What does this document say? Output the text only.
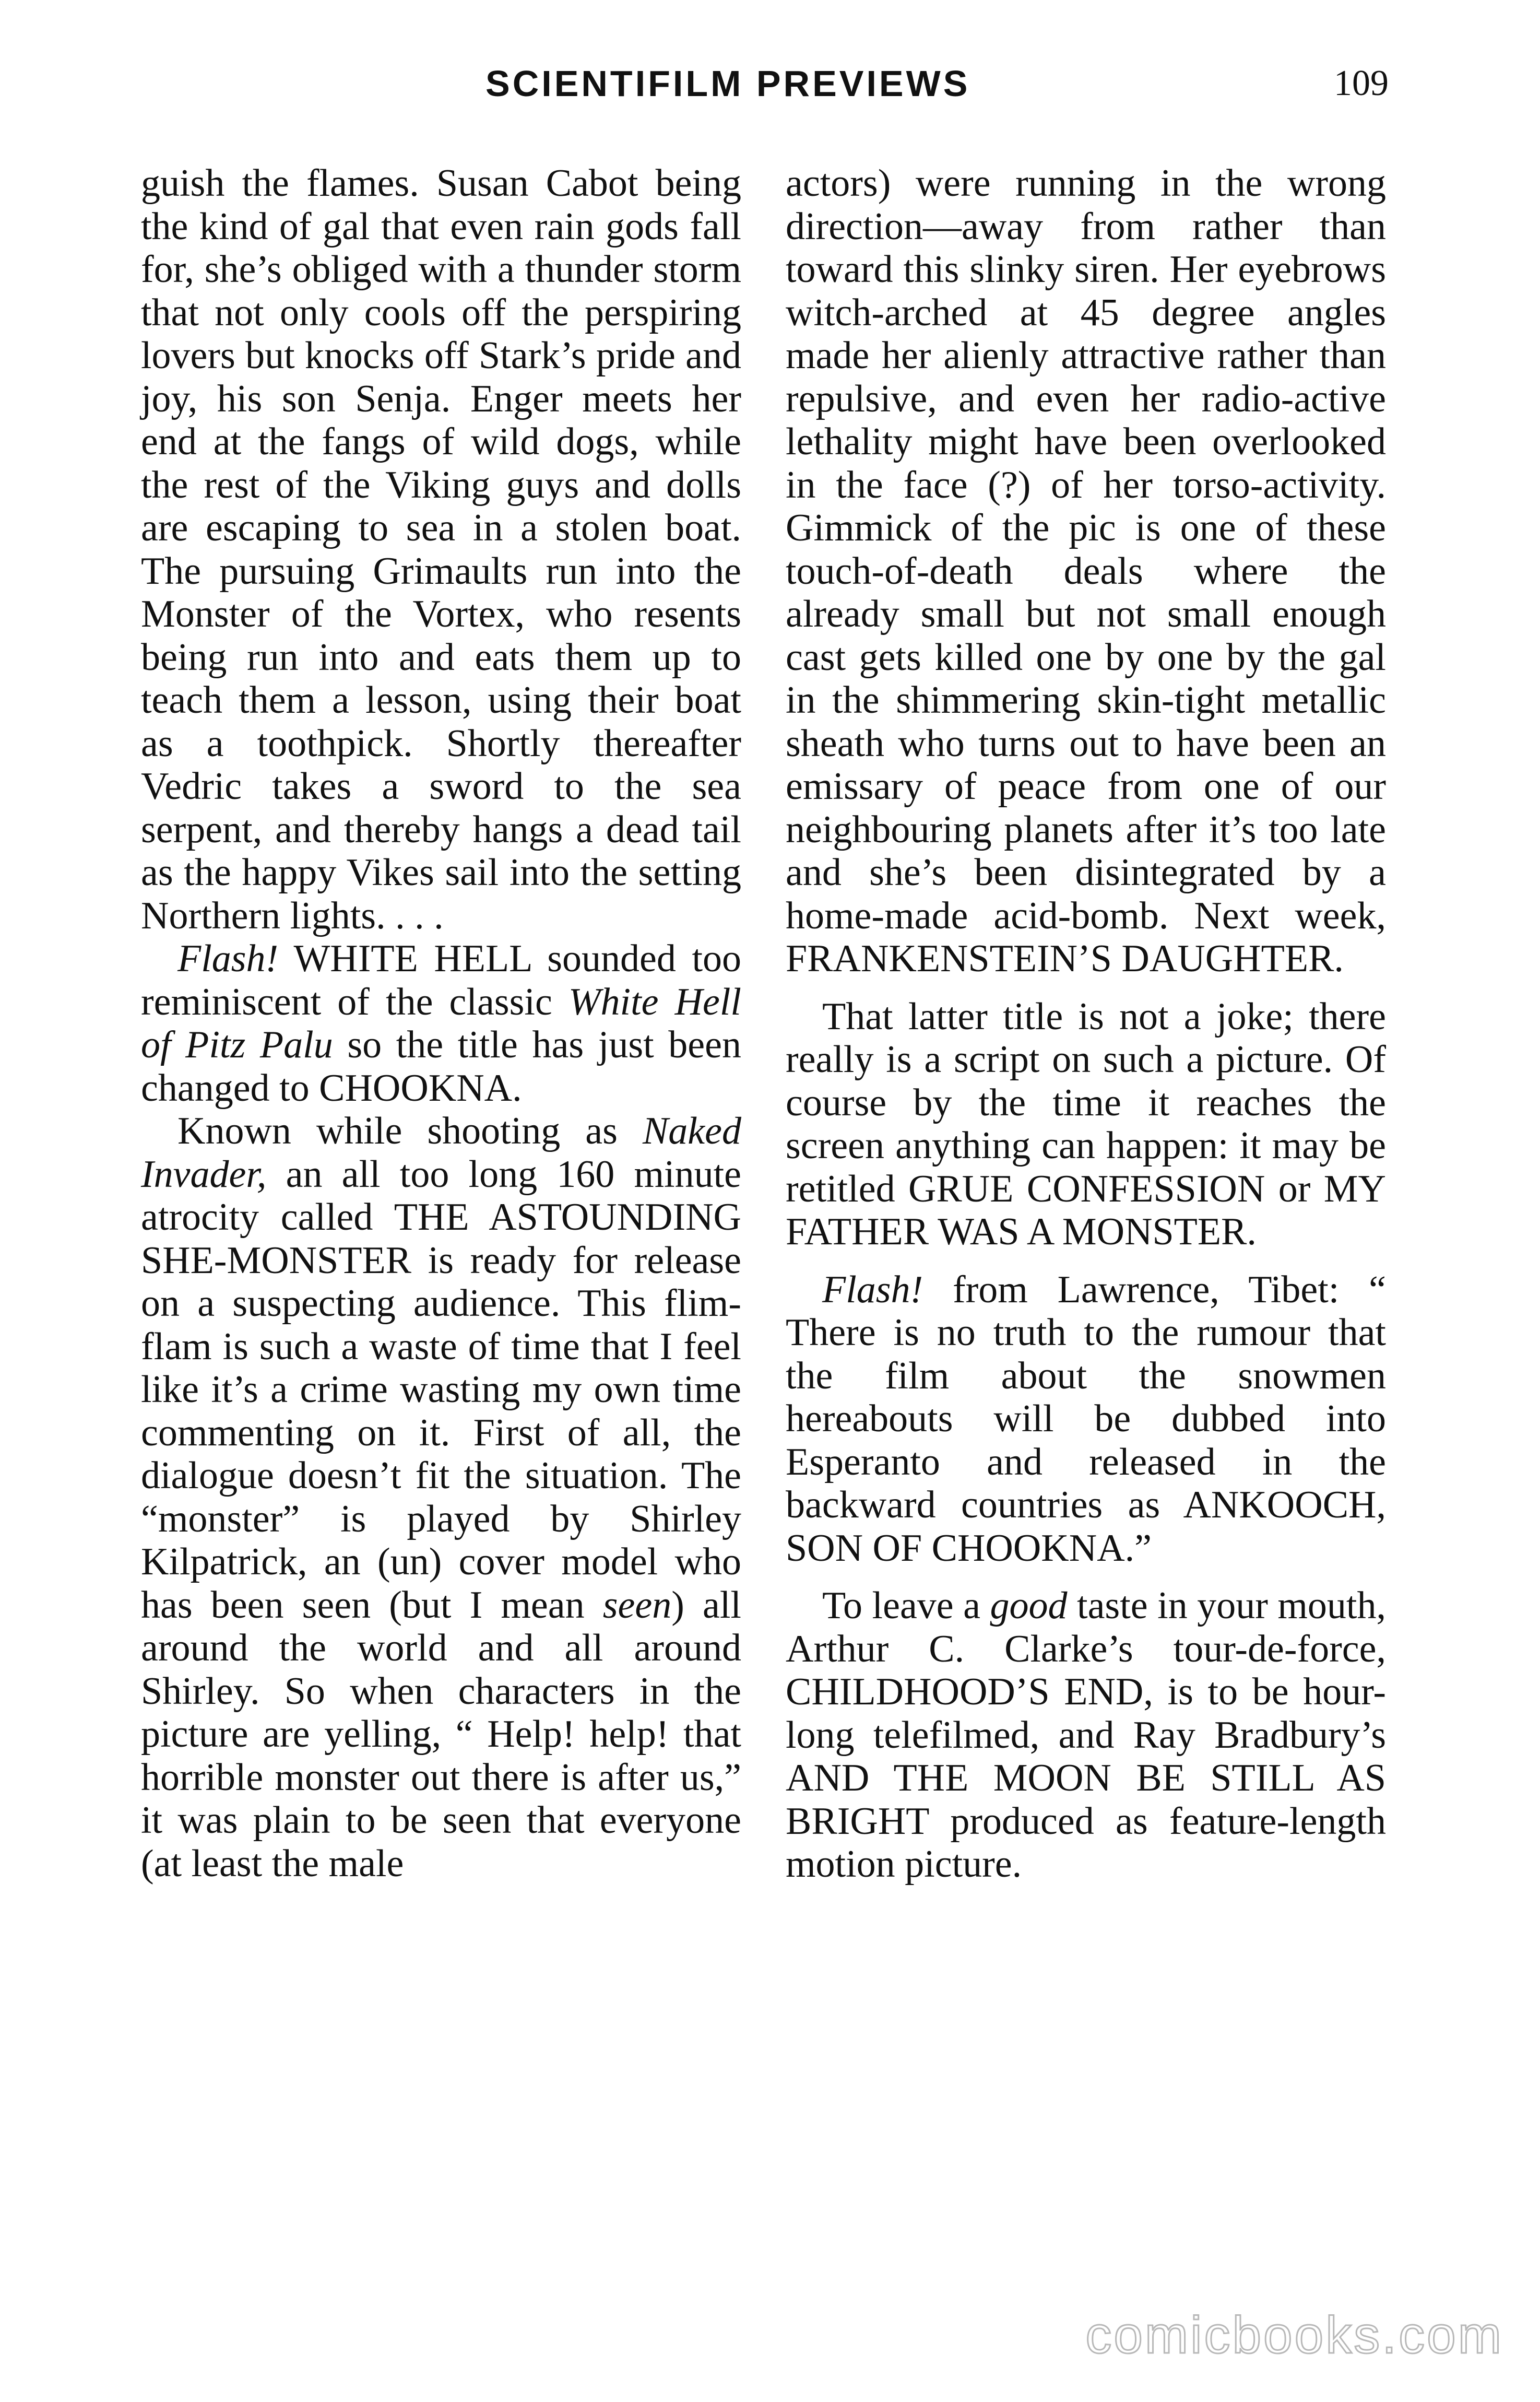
SCIENTIFILM PREVIEWS	109

guish the flames. Susan Cabot being the kind of gal that even rain gods fall for, she’s obliged with a thunder storm that not only cools off the perspiring lovers but knocks off Stark’s pride and joy, his son Senja. Enger meets her end at the fangs of wild dogs, while the rest of the Viking guys and dolls are escaping to sea in a stolen boat. The pursuing Grimaults run into the Monster of the Vortex, who resents being run into and eats them up to teach them a lesson, using their boat as a toothpick. Shortly thereafter Vedric takes a sword to the sea serpent, and thereby hangs a dead tail as the happy Vikes sail into the setting Northern lights. . . .

Flash! WHITE HELL sounded too reminiscent of the classic White Hell of Pitz Palu so the title has just been changed to CHOOKNA.

Known while shooting as Naked Invader, an all too long 160 minute atrocity called THE ASTOUNDING SHE-MONSTER is ready for release on a suspecting audience. This flim-flam is such a waste of time that I feel like it’s a crime wasting my own time commenting on it. First of all, the dialogue doesn’t fit the situation. The “monster” is played by Shirley Kilpatrick, an (un) cover model who has been seen (but I mean seen) all around the world and all around Shirley. So when characters in the picture are yelling, “ Help! help! that horrible monster out there is after us,” it was plain to be seen that everyone (at least the male

actors) were running in the wrong direction—away from rather than toward this slinky siren. Her eyebrows witch-arched at 45 degree angles made her alienly attractive rather than repulsive, and even her radio-active lethality might have been overlooked in the face (?) of her torso-activity. Gimmick of the pic is one of these touch-of-death deals where the already small but not small enough cast gets killed one by one by the gal in the shimmering skin-tight metallic sheath who turns out to have been an emissary of peace from one of our neighbouring planets after it’s too late and she’s been disintegrated by a home-made acid-bomb. Next week, FRANKENSTEIN’S DAUGHTER.

That latter title is not a joke; there really is a script on such a picture. Of course by the time it reaches the screen anything can happen: it may be retitled GRUE CONFESSION or MY FATHER WAS A MONSTER.

Flash! from Lawrence, Tibet: “ There is no truth to the rumour that the film about the snowmen hereabouts will be dubbed into Esperanto and released in the backward countries as ANKOOCH, SON OF CHOOKNA.”

To leave a good taste in your mouth, Arthur C. Clarke’s tour-de-force, CHILDHOOD’S END, is to be hour-long telefilmed, and Ray Bradbury’s AND THE MOON BE STILL AS BRIGHT produced as feature-length motion picture.

comicbooks.com
